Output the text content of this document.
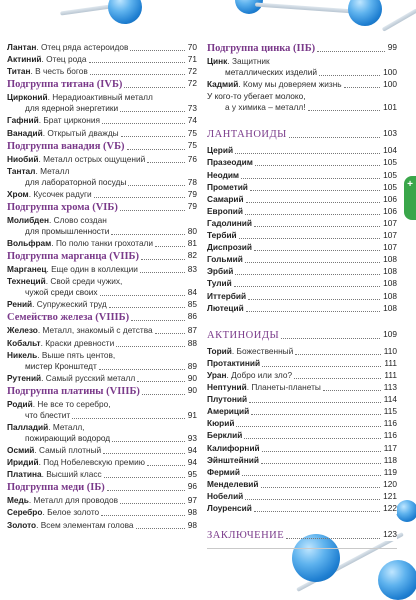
+
Лантан. Отец ряда астероидов	70
Актиний. Отец рода	71
Титан. В честь богов	72
Подгруппа титана (IVБ)	72
Цирконий. Нерадиоактивный металл
для ядерной энергетики	73
Гафний. Брат циркония	74
Ванадий. Открытый дважды	75
Подгруппа ванадия (VБ)	75
Ниобий. Металл острых ощущений	76
Тантал. Металл
для лабораторной посуды	78
Хром. Кусочек радуги	79
Подгруппа хрома (VIБ)	79
Молибден. Слово создан
для промышленности	80
Вольфрам. По полю танки грохотали	81
Подгруппа марганца (VIIБ)	82
Марганец. Еще один в коллекции	83
Технеций. Свой среди чужих,
чужой среди своих	84
Рений. Супружеский труд	85
Семейство железа (VIIIБ)	86
Железо. Металл, знакомый с детства	87
Кобальт. Краски древности	88
Никель. Выше пять центов,
мистер Кронштедт	89
Рутений. Самый русский металл	90
Подгруппа платины (VIIIБ)	90
Родий. Не все то серебро,
что блестит	91
Палладий. Металл,
пожирающий водород	93
Осмий. Самый плотный	94
Иридий. Под Нобелевскую премию	94
Платина. Высший класс	95
Подгруппа меди (IБ)	96
Медь. Металл для проводов	97
Серебро. Белое золото	98
Золото. Всем элементам голова	98
Подгруппа цинка (IIБ)	99
Цинк. Защитник
металлических изделий	100
Кадмий. Кому мы доверяем жизнь	100
У кого-то убегает молоко,
а у химика – металл!	101
ЛАНТАНОИДЫ	103
Церий	104
Празеодим	105
Неодим	105
Прометий	105
Самарий	106
Европий	106
Гадолиний	107
Тербий	107
Диспрозий	107
Гольмий	108
Эрбий	108
Тулий	108
Иттербий	108
Лютеций	108
АКТИНОИДЫ	109
Торий. Божественный	110
Протактиний	111
Уран. Добро или зло?	111
Нептуний. Планеты-планеты	113
Плутоний	114
Америций	115
Кюрий	116
Берклий	116
Калифорний	117
Эйнштейний	118
Фермий	119
Менделевий	120
Нобелий	121
Лоуренсий	122
ЗАКЛЮЧЕНИЕ	123
